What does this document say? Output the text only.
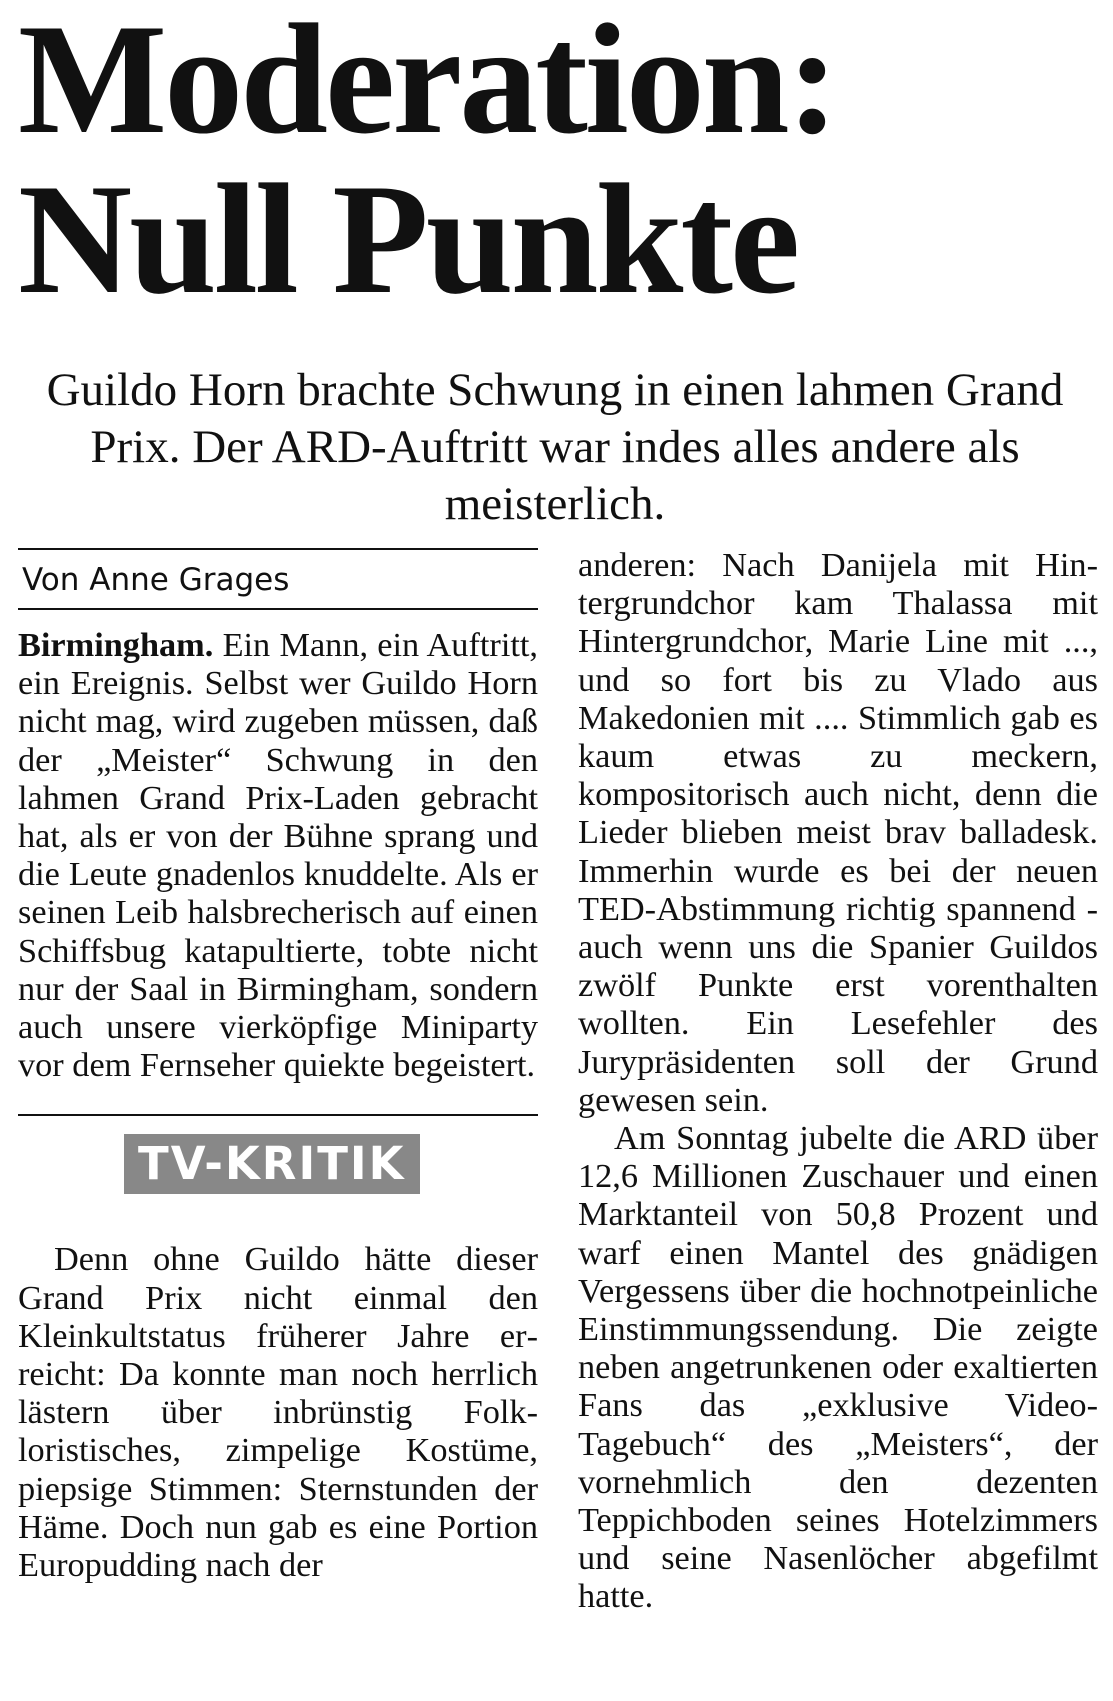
Moderation:
Null Punkte

Guildo Horn brachte Schwung in einen lahmen Grand Prix. Der ARD-Auftritt war indes alles andere als meisterlich.

Von Anne Grages

Birmingham. Ein Mann, ein Auftritt, ein Ereignis. Selbst wer Guildo Horn nicht mag, wird zugeben müssen, daß der „Meister“ Schwung in den lahmen Grand Prix-Laden gebracht hat, als er von der Bühne sprang und die Leute gnadenlos knuddelte. Als er seinen Leib halsbrecherisch auf einen Schiffsbug katapultierte, tobte nicht nur der Saal in Birmingham, sondern auch unsere vierköpfige Miniparty vor dem Fernseher quiekte begeistert.

TV-KRITIK

Denn ohne Guildo hätte dieser Grand Prix nicht einmal den Kleinkultstatus früherer Jahre erreicht: Da konnte man noch herrlich lästern über inbrünstig Folkloristisches, zimpelige Kostüme, piepsige Stimmen: Sternstunden der Häme. Doch nun gab es eine Portion Europudding nach der

anderen: Nach Danijela mit Hintergrundchor kam Thalassa mit Hintergrundchor, Marie Line mit ..., und so fort bis zu Vlado aus Makedonien mit .... Stimmlich gab es kaum etwas zu meckern, kompositorisch auch nicht, denn die Lieder blieben meist brav balladesk. Immerhin wurde es bei der neuen TED-Abstimmung richtig spannend - auch wenn uns die Spanier Guildos zwölf Punkte erst vorenthalten wollten. Ein Lesefehler des Jurypräsidenten soll der Grund gewesen sein.

Am Sonntag jubelte die ARD über 12,6 Millionen Zuschauer und einen Marktanteil von 50,8 Prozent und warf einen Mantel des gnädigen Vergessens über die hochnotpeinliche Einstimmungssendung. Die zeigte neben angetrunkenen oder exaltierten Fans das „exklusive Video-Tagebuch“ des „Meisters“, der vornehmlich den dezenten Teppichboden seines Hotelzimmers und seine Nasenlöcher abgefilmt hatte.
